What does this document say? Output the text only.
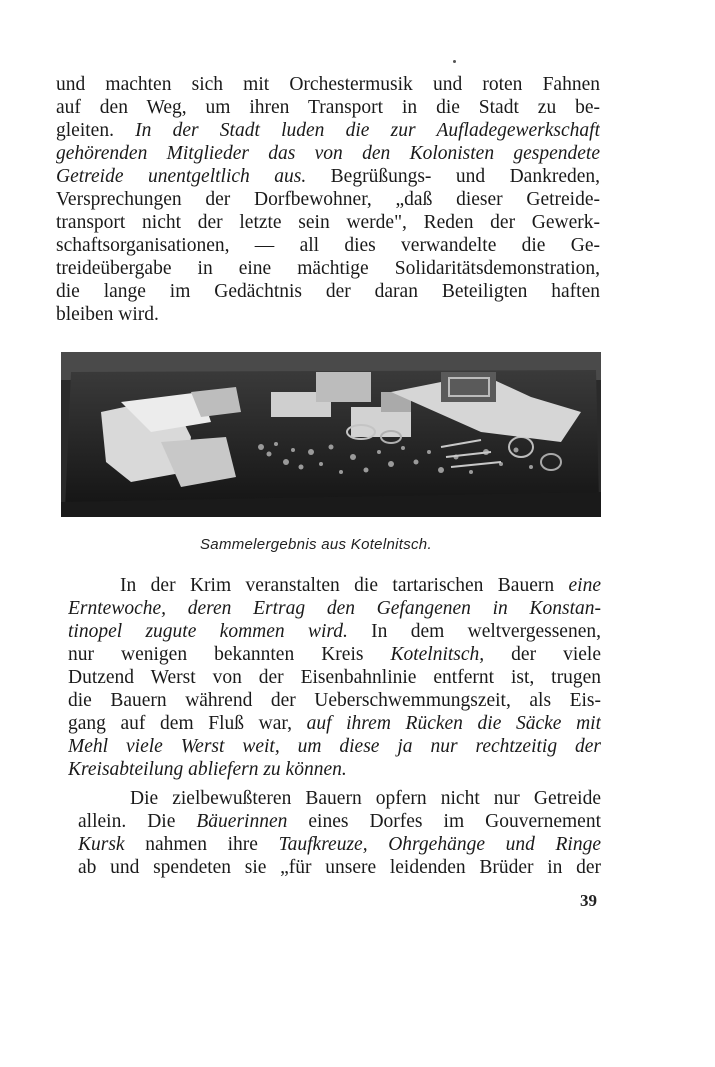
und machten sich mit Orchestermusik und roten Fahnen
auf den Weg, um ihren Transport in die Stadt zu be-
gleiten. In der Stadt luden die zur Aufladegewerkschaft
gehörenden Mitglieder das von den Kolonisten gespendete
Getreide unentgeltlich aus. Begrüßungs- und Dankreden,
Versprechungen der Dorfbewohner, „daß dieser Getreide-
transport nicht der letzte sein werde", Reden der Gewerk-
schaftsorganisationen, — all dies verwandelte die Ge-
treideübergabe in eine mächtige Solidaritätsdemonstration,
die lange im Gedächtnis der daran Beteiligten haften
bleiben wird.
Sammelergebnis aus Kotelnitsch.
In der Krim veranstalten die tartarischen Bauern eine
Erntewoche, deren Ertrag den Gefangenen in Konstan-
tinopel zugute kommen wird. In dem weltvergessenen,
nur wenigen bekannten Kreis Kotelnitsch, der viele
Dutzend Werst von der Eisenbahnlinie entfernt ist, trugen
die Bauern während der Ueberschwemmungszeit, als Eis-
gang auf dem Fluß war, auf ihrem Rücken die Säcke mit
Mehl viele Werst weit, um diese ja nur rechtzeitig der
Kreisabteilung abliefern zu können.
Die zielbewußteren Bauern opfern nicht nur Getreide
allein. Die Bäuerinnen eines Dorfes im Gouvernement
Kursk nahmen ihre Taufkreuze, Ohrgehänge und Ringe
ab und spendeten sie „für unsere leidenden Brüder in der
39
